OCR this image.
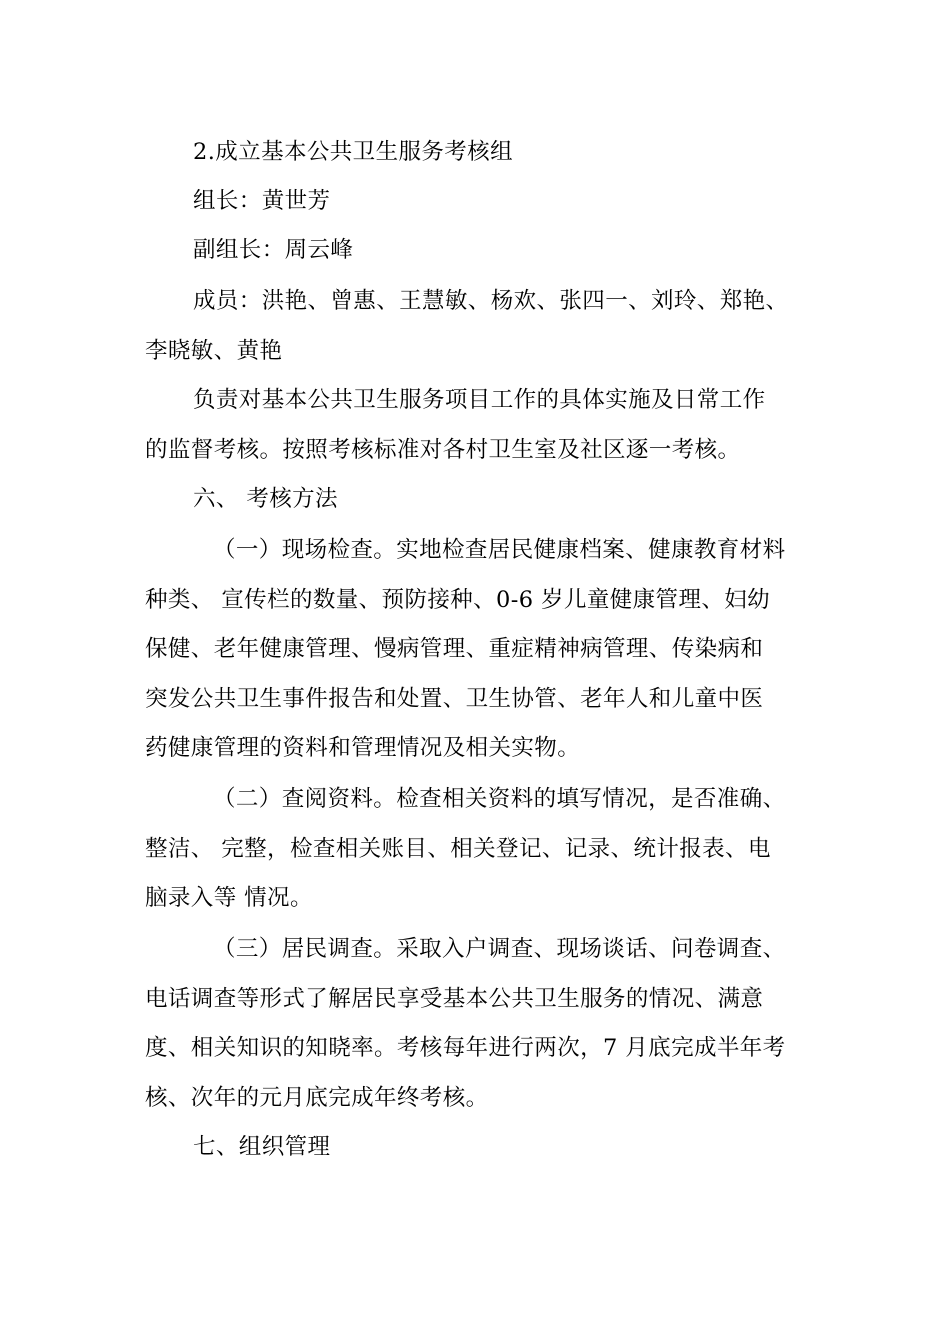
2.成立基本公共卫生服务考核组
组长：黄世芳
副组长：周云峰
成员：洪艳、曾惠、王慧敏、杨欢、张四一、刘玲、郑艳、
李晓敏、黄艳
负责对基本公共卫生服务项目工作的具体实施及日常工作
的监督考核。按照考核标准对各村卫生室及社区逐一考核。
六、 考核方法
（一）现场检查。实地检查居民健康档案、健康教育材料
种类、 宣传栏的数量、预防接种、0-6 岁儿童健康管理、妇幼
保健、老年健康管理、慢病管理、重症精神病管理、传染病和
突发公共卫生事件报告和处置、卫生协管、老年人和儿童中医
药健康管理的资料和管理情况及相关实物。
（二）查阅资料。检查相关资料的填写情况，是否准确、
整洁、 完整，检查相关账目、相关登记、记录、统计报表、电
脑录入等 情况。
（三）居民调查。采取入户调查、现场谈话、问卷调查、
电话调查等形式了解居民享受基本公共卫生服务的情况、满意
度、相关知识的知晓率。考核每年进行两次，7 月底完成半年考
核、次年的元月底完成年终考核。
七、组织管理
